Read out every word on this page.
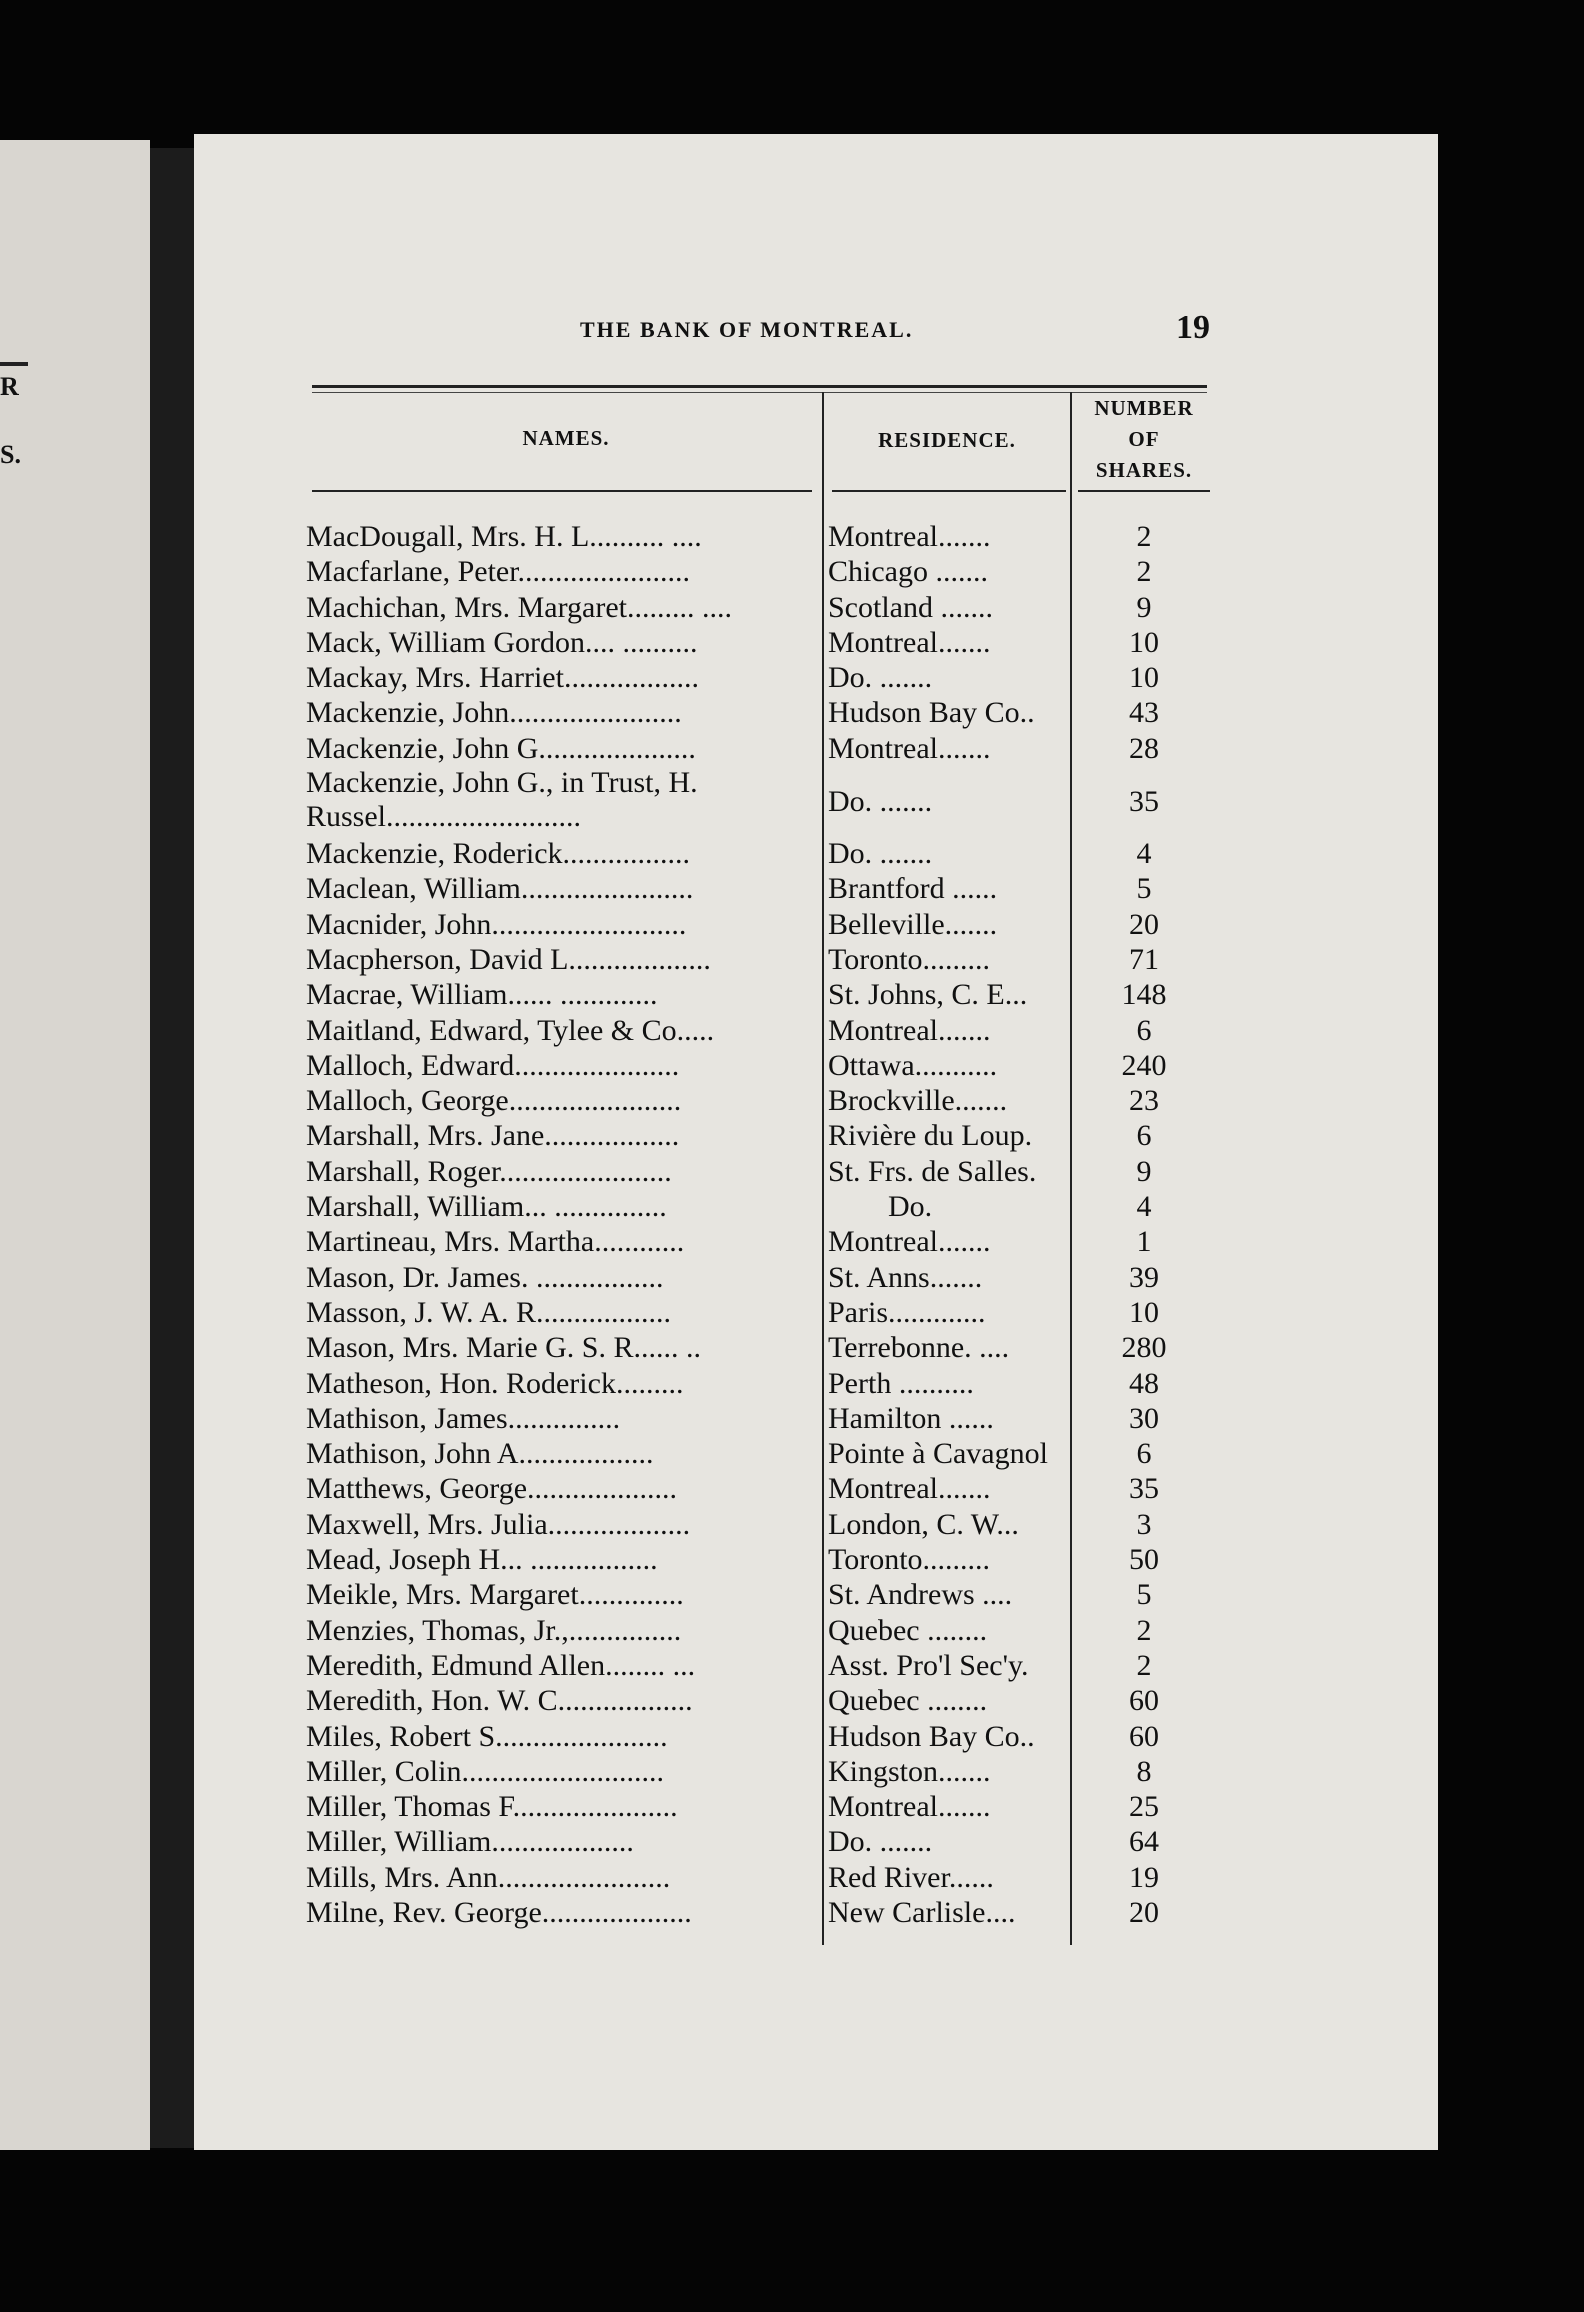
R
S.
THE BANK OF MONTREAL.	19
NAMES.	RESIDENCE.
NUMBER
OF
SHARES.
MacDougall, Mrs. H. L.......... ....	Montreal.......	2
Macfarlane, Peter.......................	Chicago .......	2
Machichan, Mrs. Margaret......... ....	Scotland .......	9
Mack, William Gordon.... ..........	Montreal.......	10
Mackay, Mrs. Harriet..................	Do. .......	10
Mackenzie, John.......................	Hudson Bay Co..	43
Mackenzie, John G.....................	Montreal.......	28
Mackenzie, John G., in Trust, H. Russel..........................	Do. .......	35
Mackenzie, Roderick.................	Do. .......	4
Maclean, William.......................	Brantford ......	5
Macnider, John..........................	Belleville.......	20
Macpherson, David L...................	Toronto.........	71
Macrae, William...... .............	St. Johns, C. E...	148
Maitland, Edward, Tylee & Co.....	Montreal.......	6
Malloch, Edward......................	Ottawa...........	240
Malloch, George.......................	Brockville.......	23
Marshall, Mrs. Jane..................	Rivière du Loup.	6
Marshall, Roger.......................	St. Frs. de Salles.	9
Marshall, William... ...............	Do.	4
Martineau, Mrs. Martha............	Montreal.......	1
Mason, Dr. James. .................	St. Anns.......	39
Masson, J. W. A. R..................	Paris.............	10
Mason, Mrs. Marie G. S. R...... ..	Terrebonne. ....	280
Matheson, Hon. Roderick.........	Perth ..........	48
Mathison, James...............	Hamilton ......	30
Mathison, John A..................	Pointe à Cavagnol	6
Matthews, George....................	Montreal.......	35
Maxwell, Mrs. Julia...................	London, C. W...	3
Mead, Joseph H... .................	Toronto.........	50
Meikle, Mrs. Margaret..............	St. Andrews ....	5
Menzies, Thomas, Jr.,...............	Quebec ........	2
Meredith, Edmund Allen........ ...	Asst. Pro'l Sec'y.	2
Meredith, Hon. W. C..................	Quebec ........	60
Miles, Robert S.......................	Hudson Bay Co..	60
Miller, Colin...........................	Kingston.......	8
Miller, Thomas F......................	Montreal.......	25
Miller, William...................	Do. .......	64
Mills, Mrs. Ann.......................	Red River......	19
Milne, Rev. George....................	New Carlisle....	20
